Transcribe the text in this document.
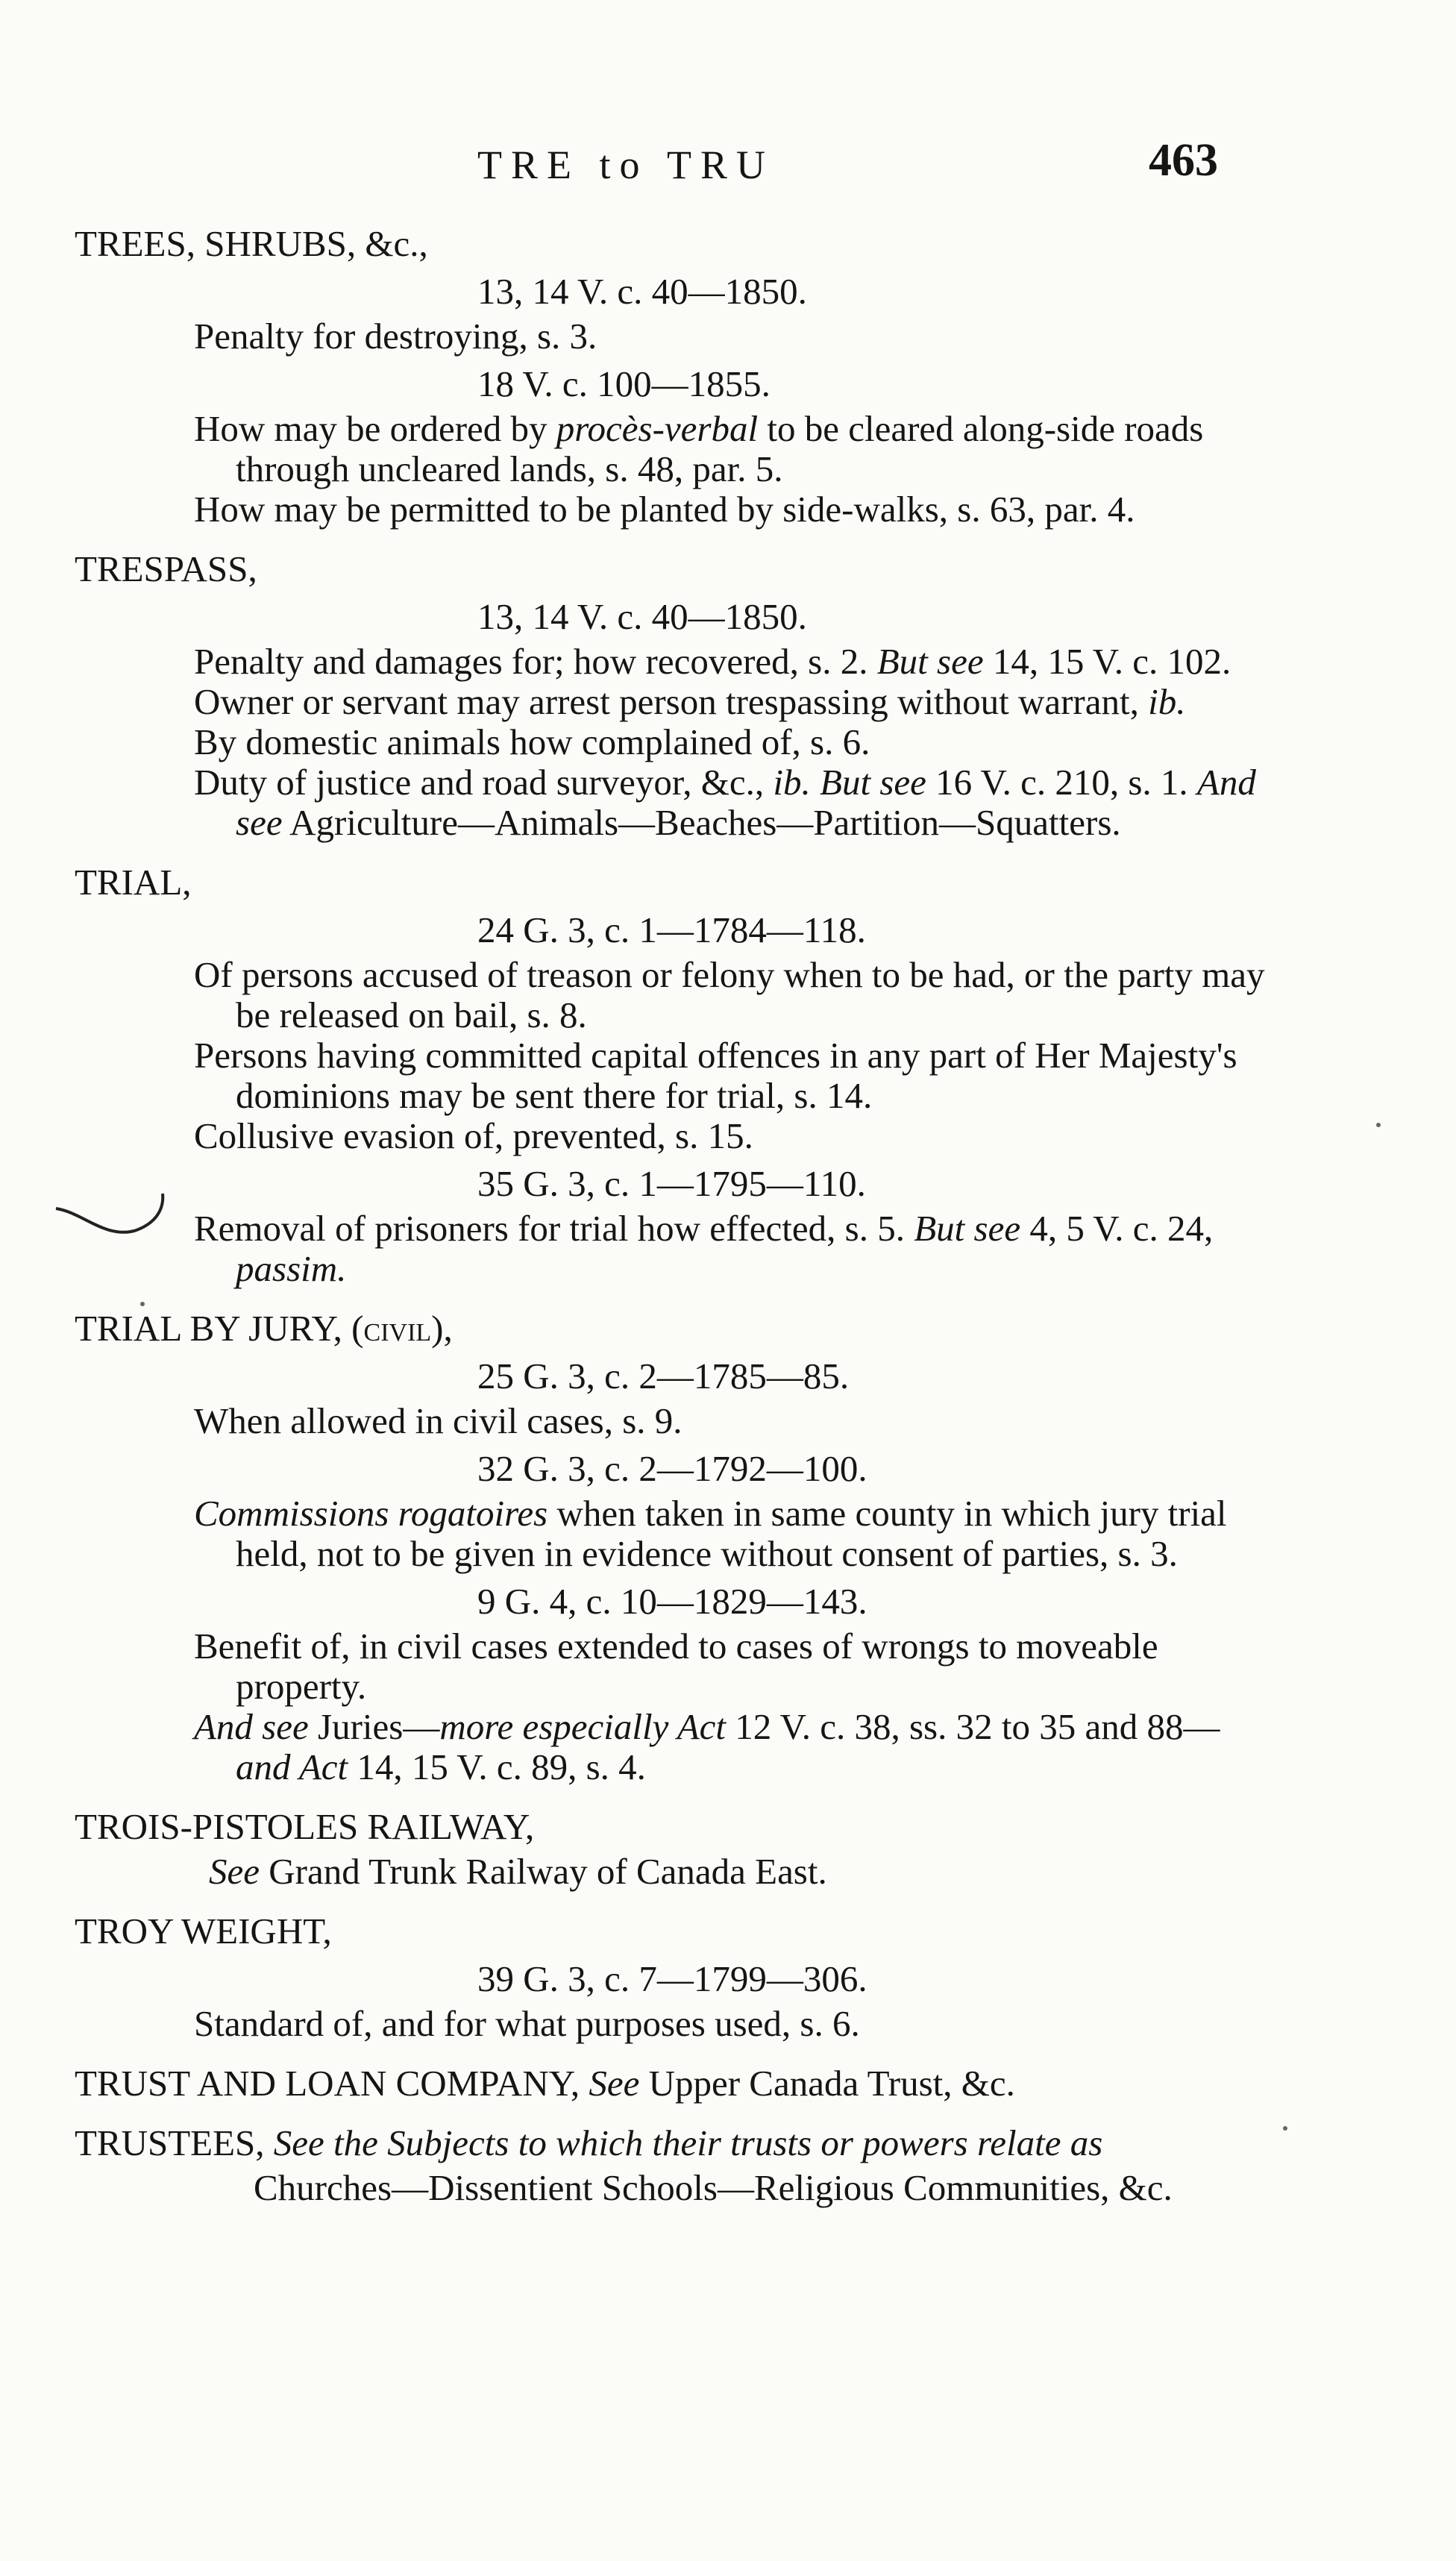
TRE to TRU	463
TREES, SHRUBS, &c.,
13, 14 V. c. 40—1850.
Penalty for destroying, s. 3.
18 V. c. 100—1855.
How may be ordered by procès-verbal to be cleared along-side roads through uncleared lands, s. 48, par. 5.
How may be permitted to be planted by side-walks, s. 63, par. 4.
TRESPASS,
13, 14 V. c. 40—1850.
Penalty and damages for; how recovered, s. 2. But see 14, 15 V. c. 102.
Owner or servant may arrest person trespassing without warrant, ib.
By domestic animals how complained of, s. 6.
Duty of justice and road surveyor, &c., ib. But see 16 V. c. 210, s. 1. And see Agriculture—Animals—Beaches—Partition—Squatters.
TRIAL,
24 G. 3, c. 1—1784—118.
Of persons accused of treason or felony when to be had, or the party may be released on bail, s. 8.
Persons having committed capital offences in any part of Her Majesty's dominions may be sent there for trial, s. 14.
Collusive evasion of, prevented, s. 15.
35 G. 3, c. 1—1795—110.
Removal of prisoners for trial how effected, s. 5. But see 4, 5 V. c. 24, passim.
TRIAL BY JURY, (civil),
25 G. 3, c. 2—1785—85.
When allowed in civil cases, s. 9.
32 G. 3, c. 2—1792—100.
Commissions rogatoires when taken in same county in which jury trial held, not to be given in evidence without consent of parties, s. 3.
9 G. 4, c. 10—1829—143.
Benefit of, in civil cases extended to cases of wrongs to moveable property.
And see Juries—more especially Act 12 V. c. 38, ss. 32 to 35 and 88—and Act 14, 15 V. c. 89, s. 4.
TROIS-PISTOLES RAILWAY,
See Grand Trunk Railway of Canada East.
TROY WEIGHT,
39 G. 3, c. 7—1799—306.
Standard of, and for what purposes used, s. 6.
TRUST AND LOAN COMPANY, See Upper Canada Trust, &c.
TRUSTEES, See the Subjects to which their trusts or powers relate as
Churches—Dissentient Schools—Religious Communities, &c.
